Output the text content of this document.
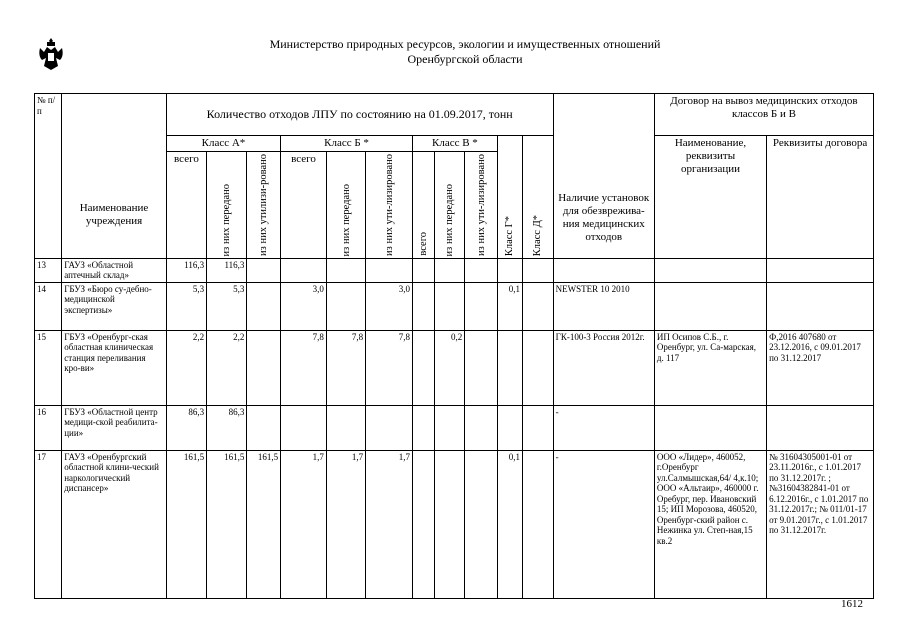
Министерство природных ресурсов, экологии и имущественных отношений
Оренбургской области
№ п/ п	Наименование учреждения	Количество отходов ЛПУ по состоянию на 01.09.2017, тонн											Наличие установок для обезврежива-ния медицинских отходов	Договор на вывоз медицинских отходов классов Б и В	
		Класс А*			Класс Б *			Класс В *			Класс Г*	Класс Д*		Наименование, реквизиты организации	Реквизиты договора
		всего	из них передано	из них утилизи-ровано	всего	из них передано	из них ути-лизировано	всего	из них передано	из них ути-лизировано					

13	ГАУЗ «Областной аптечный склад»	116,3	116,3												
14	ГБУЗ «Бюро су-дебно-медицинской экспертизы»	5,3	5,3		3,0		3,0				0,1		NEWSTER 10 2010		
15	ГБУЗ «Оренбург-ская областная клиническая станция переливания кро-ви»	2,2	2,2		7,8	7,8	7,8		0,2				ГК-100-3 Россия 2012г.	ИП Осипов С.Б., г. Оренбург, ул. Са-марская, д. 117	Ф,2016 407680 от 23.12.2016, с 09.01.2017 по 31.12.2017
16	ГБУЗ «Областной центр медици-ской реабилита-ции»	86,3	86,3										-		
17	ГАУЗ «Оренбургский областной клини-ческий наркологический диспансер»	161,5	161,5	161,5	1,7	1,7	1,7				0,1		-	ООО «Лидер», 460052, г.Оренбург ул.Салмышская,64/ 4,к.10; ООО «Альтаир», 460000 г. Оребург, пер. Ивановский 15; ИП Морозова, 460520, Оренбург-ский район с. Нежинка ул. Степ-ная,15 кв.2	№ 31604305001-01 от 23.11.2016г., с 1.01.2017 по 31.12.2017г. ; №31604382841-01 от 6.12.2016г., с 1.01.2017 по 31.12.2017г.; № 011/01-17 от 9.01.2017г., с 1.01.2017 по 31.12.2017г.
1612
